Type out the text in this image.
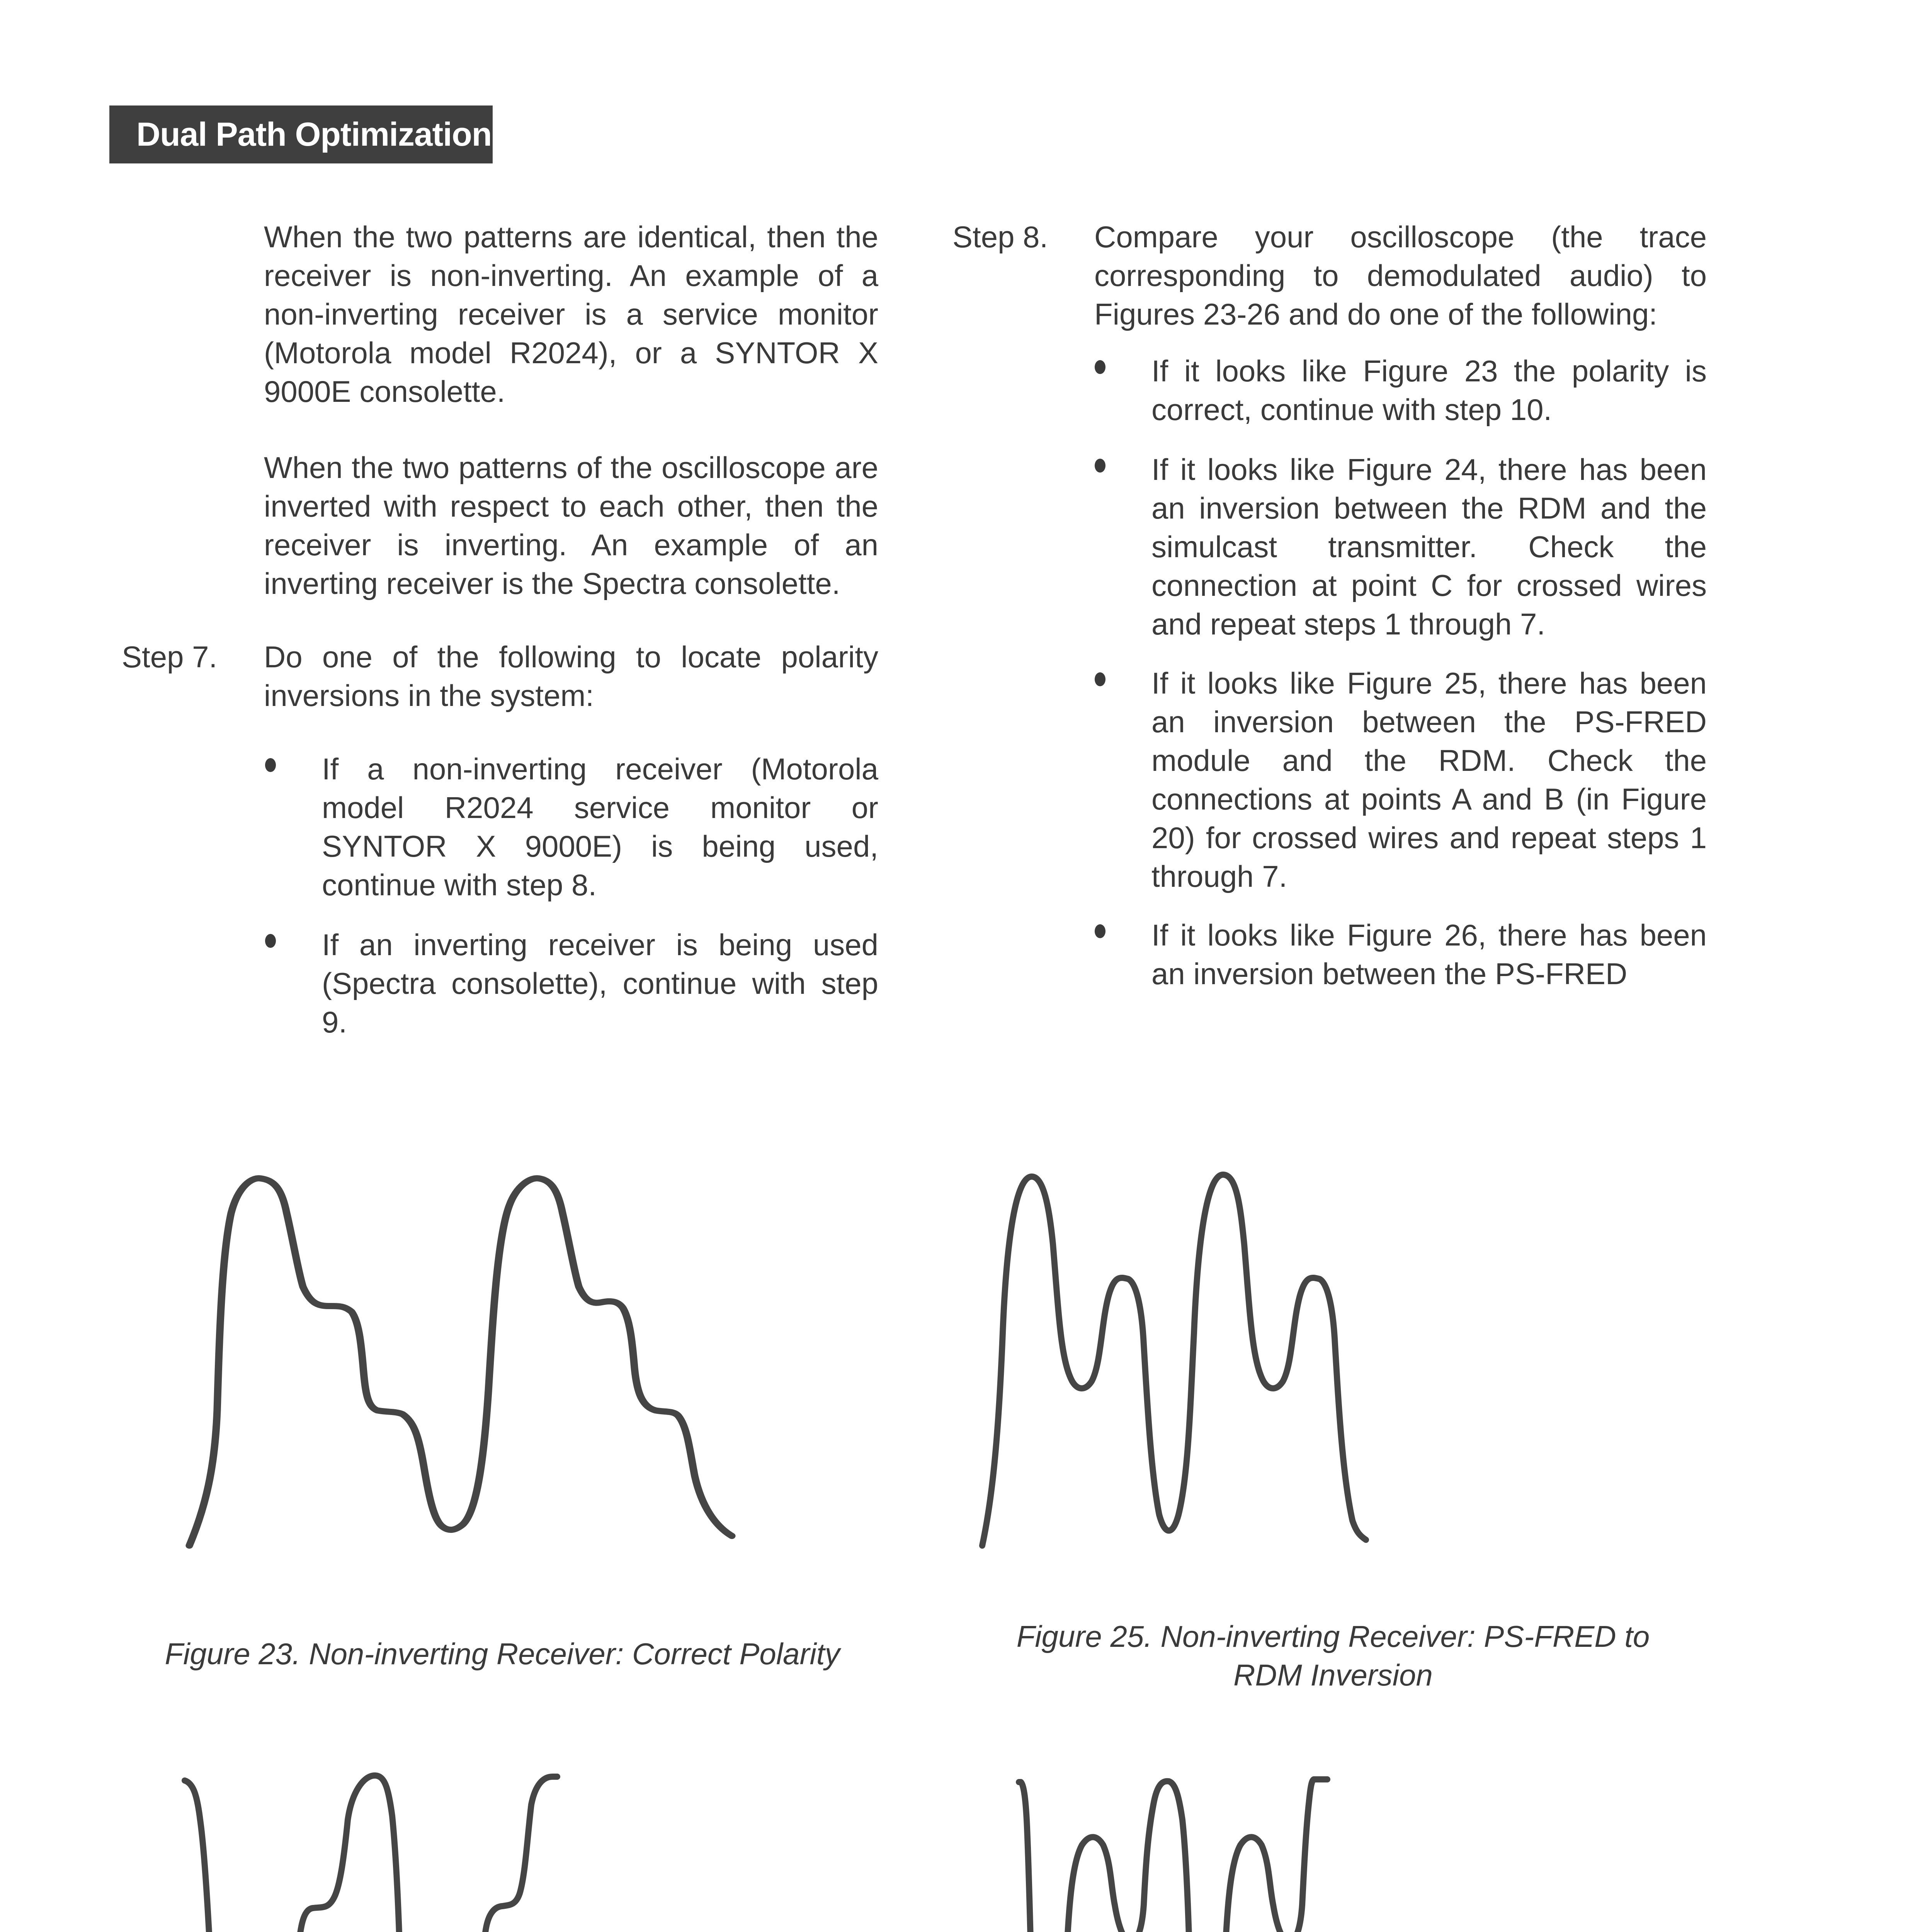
Dual Path Optimization

When the two patterns are identical, then the receiver is non-inverting. An example of a non-inverting receiver is a service monitor (Motorola model R2024), or a SYNTOR X 9000E consolette.

When the two patterns of the oscilloscope are inverted with respect to each other, then the receiver is inverting. An example of an inverting receiver is the Spectra consolette.

Step 7. Do one of the following to locate polarity inversions in the system:

If a non-inverting receiver (Motorola model R2024 service monitor or SYNTOR X 9000E) is being used, continue with step 8.

If an inverting receiver is being used (Spectra consolette), continue with step 9.

Step 8. Compare your oscilloscope (the trace corresponding to demodulated audio) to Figures 23-26 and do one of the following:

If it looks like Figure 23 the polarity is correct, continue with step 10.

If it looks like Figure 24, there has been an inversion between the RDM and the simulcast transmitter. Check the connection at point C for crossed wires and repeat steps 1 through 7.

If it looks like Figure 25, there has been an inversion between the PS-FRED module and the RDM. Check the connections at points A and B (in Figure 20) for crossed wires and repeat steps 1 through 7.

If it looks like Figure 26, there has been an inversion between the PS-FRED

Figure 23. Non-inverting Receiver: Correct Polarity
Figure 25. Non-inverting Receiver: PS-FRED to
RDM Inversion
